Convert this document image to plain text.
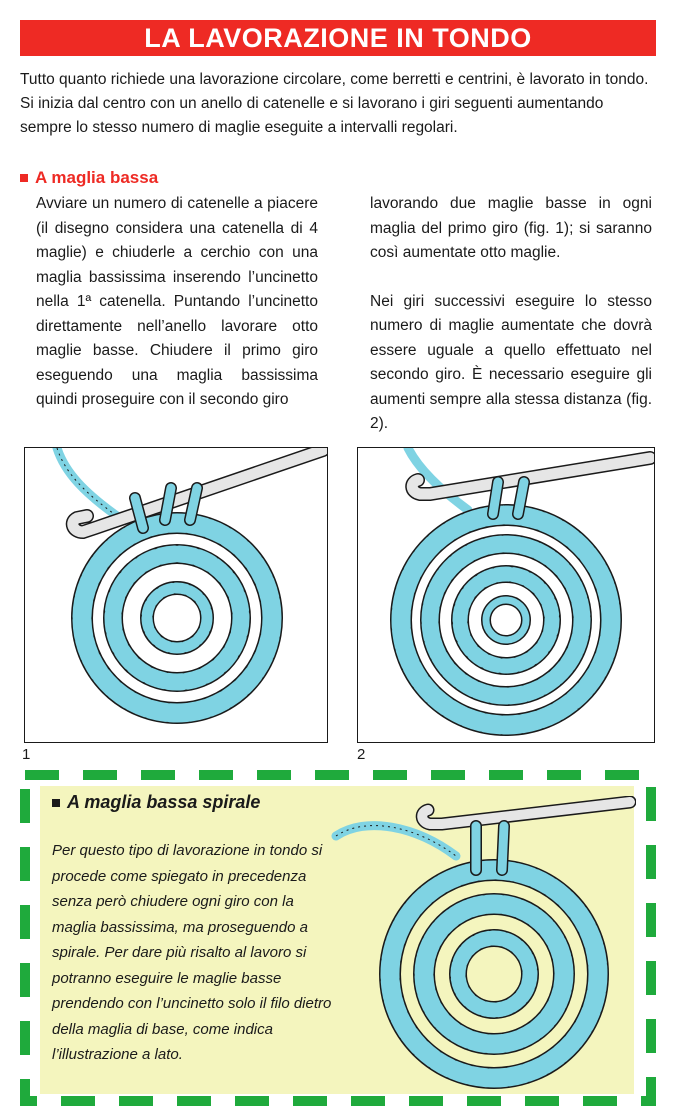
LA LAVORAZIONE IN TONDO

Tutto quanto richiede una lavorazione circolare, come berretti e centrini, è lavorato in tondo. Si inizia dal centro con un anello di catenelle e si lavorano i giri seguenti aumentando sempre lo stesso numero di maglie eseguite a intervalli regolari.

A maglia bassa

Avviare un numero di catenelle a piacere (il disegno considera una catenella di 4 maglie) e chiuderle a cerchio con una maglia bassissima inserendo l’uncinetto nella 1ª catenella. Puntando l’uncinetto direttamente nell’anello lavorare otto maglie basse. Chiudere il primo giro eseguendo una maglia bassissima quindi proseguire con il secondo giro

lavorando due maglie basse in ogni maglia del primo giro (fig. 1); si saranno così aumentate otto maglie.

Nei giri successivi eseguire lo stesso numero di maglie aumentate che dovrà essere uguale a quello effettuato nel secondo giro. È necessario eseguire gli aumenti sempre alla stessa distanza (fig. 2).

1	2
A maglia bassa spirale

Per questo tipo di lavorazione in tondo si procede come spiegato in precedenza senza però chiudere ogni giro con la maglia bassissima, ma proseguendo a spirale. Per dare più risalto al lavoro si potranno eseguire le maglie basse prendendo con l’uncinetto solo il filo dietro della maglia di base, come indica l’illustrazione a lato.
